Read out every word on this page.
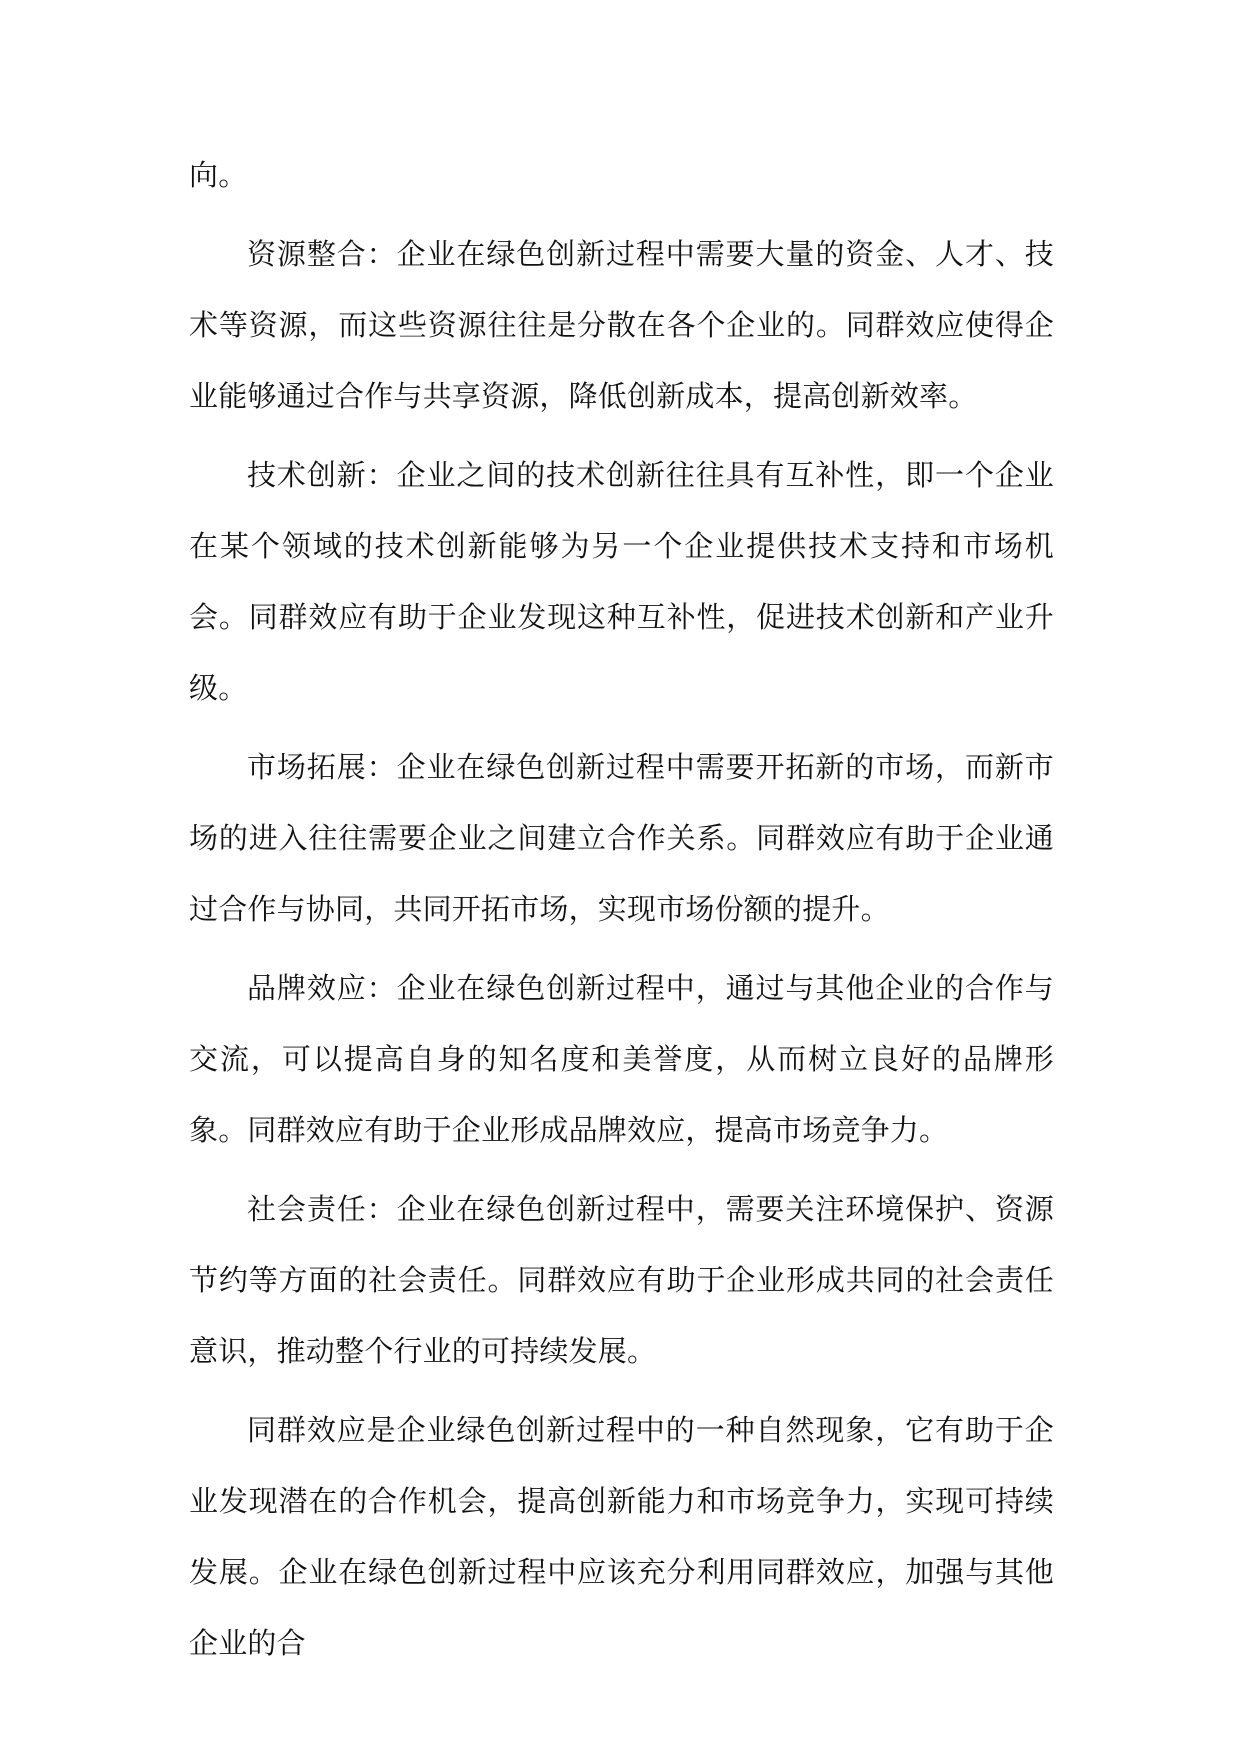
向。

资源整合：企业在绿色创新过程中需要大量的资金、人才、技术等资源，而这些资源往往是分散在各个企业的。同群效应使得企业能够通过合作与共享资源，降低创新成本，提高创新效率。

技术创新：企业之间的技术创新往往具有互补性，即一个企业在某个领域的技术创新能够为另一个企业提供技术支持和市场机会。同群效应有助于企业发现这种互补性，促进技术创新和产业升级。

市场拓展：企业在绿色创新过程中需要开拓新的市场，而新市场的进入往往需要企业之间建立合作关系。同群效应有助于企业通过合作与协同，共同开拓市场，实现市场份额的提升。

品牌效应：企业在绿色创新过程中，通过与其他企业的合作与交流，可以提高自身的知名度和美誉度，从而树立良好的品牌形象。同群效应有助于企业形成品牌效应，提高市场竞争力。

社会责任：企业在绿色创新过程中，需要关注环境保护、资源节约等方面的社会责任。同群效应有助于企业形成共同的社会责任意识，推动整个行业的可持续发展。

同群效应是企业绿色创新过程中的一种自然现象，它有助于企业发现潜在的合作机会，提高创新能力和市场竞争力，实现可持续发展。企业在绿色创新过程中应该充分利用同群效应，加强与其他企业的合
